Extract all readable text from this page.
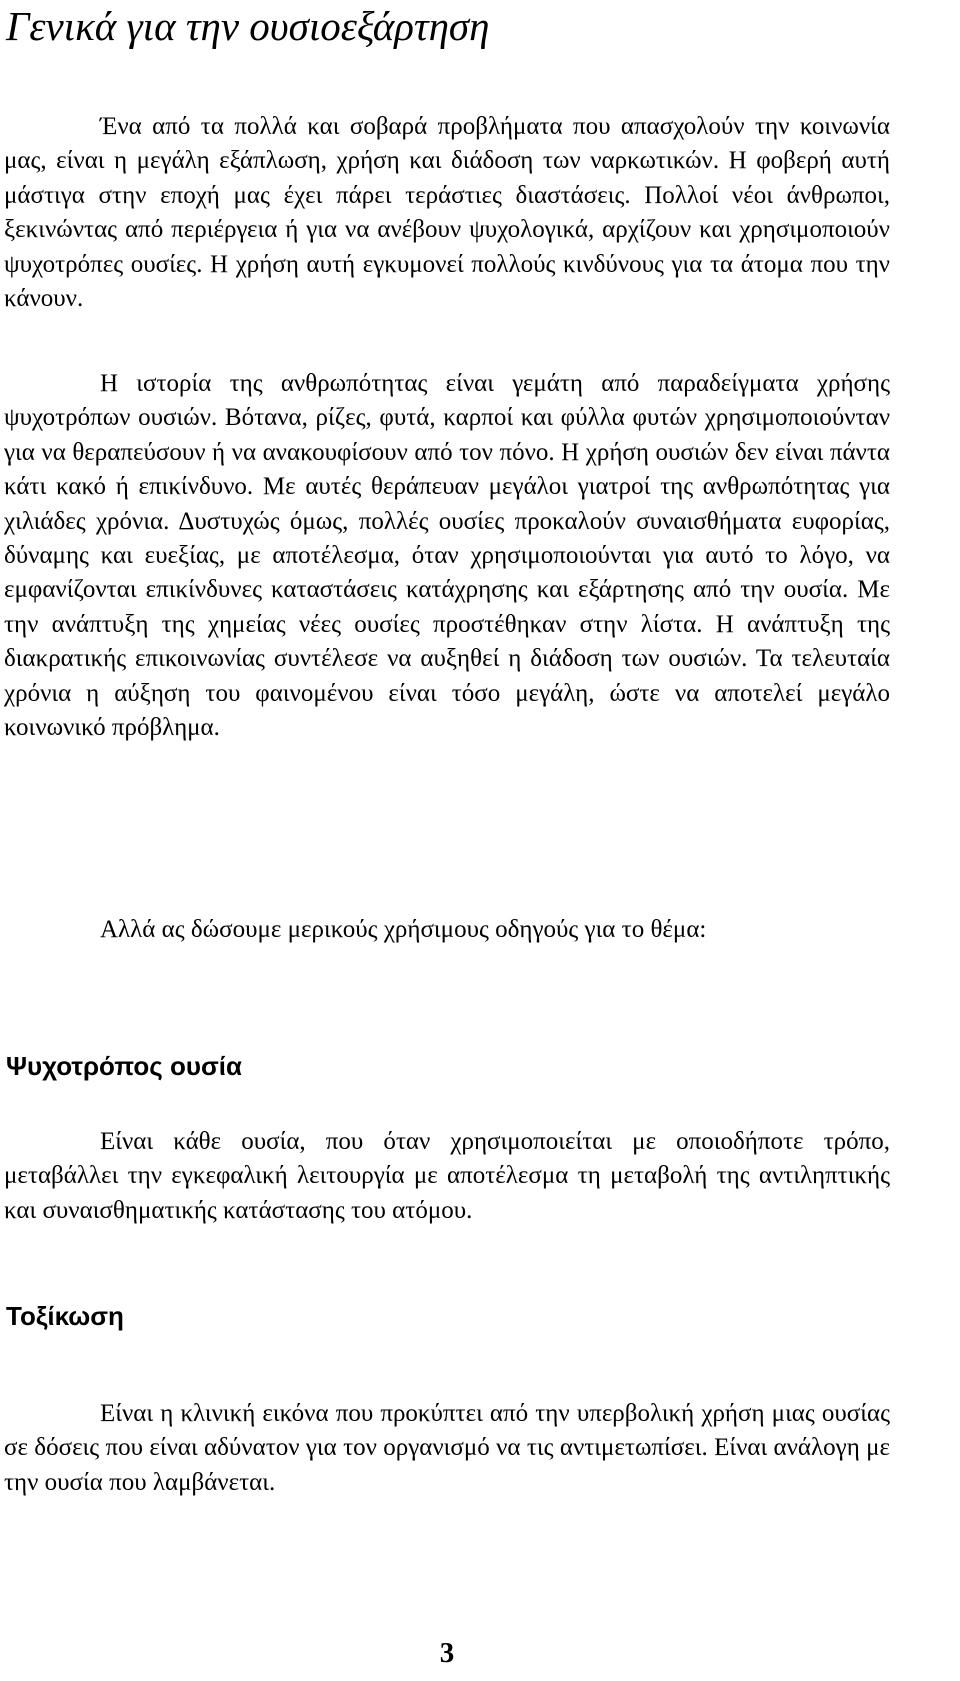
Γενικά για την ουσιοεξάρτηση

Ένα από τα πολλά και σοβαρά προβλήματα που απασχολούν την κοινωνία μας, είναι η μεγάλη εξάπλωση, χρήση και διάδοση των ναρκωτικών. Η φοβερή αυτή μάστιγα στην εποχή μας έχει πάρει τεράστιες διαστάσεις. Πολλοί νέοι άνθρωποι, ξεκινώντας από περιέργεια ή για να ανέβουν ψυχολογικά, αρχίζουν και χρησιμοποιούν ψυχοτρόπες ουσίες. Η χρήση αυτή εγκυμονεί πολλούς κινδύνους για τα άτομα που την κάνουν.

Η ιστορία της ανθρωπότητας είναι γεμάτη από παραδείγματα χρήσης ψυχοτρόπων ουσιών. Βότανα, ρίζες, φυτά, καρποί και φύλλα φυτών χρησιμοποιούνταν για να θεραπεύσουν ή να ανακουφίσουν από τον πόνο. Η χρήση ουσιών δεν είναι πάντα κάτι κακό ή επικίνδυνο. Με αυτές θεράπευαν μεγάλοι γιατροί της ανθρωπότητας για χιλιάδες χρόνια. Δυστυχώς όμως, πολλές ουσίες προκαλούν συναισθήματα ευφορίας, δύναμης και ευεξίας, με αποτέλεσμα, όταν χρησιμοποιούνται για αυτό το λόγο, να εμφανίζονται επικίνδυνες καταστάσεις κατάχρησης και εξάρτησης από την ουσία. Με την ανάπτυξη της χημείας νέες ουσίες προστέθηκαν στην λίστα. Η ανάπτυξη της διακρατικής επικοινωνίας συντέλεσε να αυξηθεί η διάδοση των ουσιών. Τα τελευταία χρόνια η αύξηση του φαινομένου είναι τόσο μεγάλη, ώστε να αποτελεί μεγάλο κοινωνικό πρόβλημα.

Αλλά ας δώσουμε μερικούς χρήσιμους οδηγούς για το θέμα:

Ψυχοτρόπος ουσία

Είναι κάθε ουσία, που όταν χρησιμοποιείται με οποιοδήποτε τρόπο, μεταβάλλει την εγκεφαλική λειτουργία με αποτέλεσμα τη μεταβολή της αντιληπτικής και συναισθηματικής κατάστασης του ατόμου.

Τοξίκωση

Είναι η κλινική εικόνα που προκύπτει από την υπερβολική χρήση μιας ουσίας σε δόσεις που είναι αδύνατον για τον οργανισμό να τις αντιμετωπίσει. Είναι ανάλογη με την ουσία που λαμβάνεται.

3
